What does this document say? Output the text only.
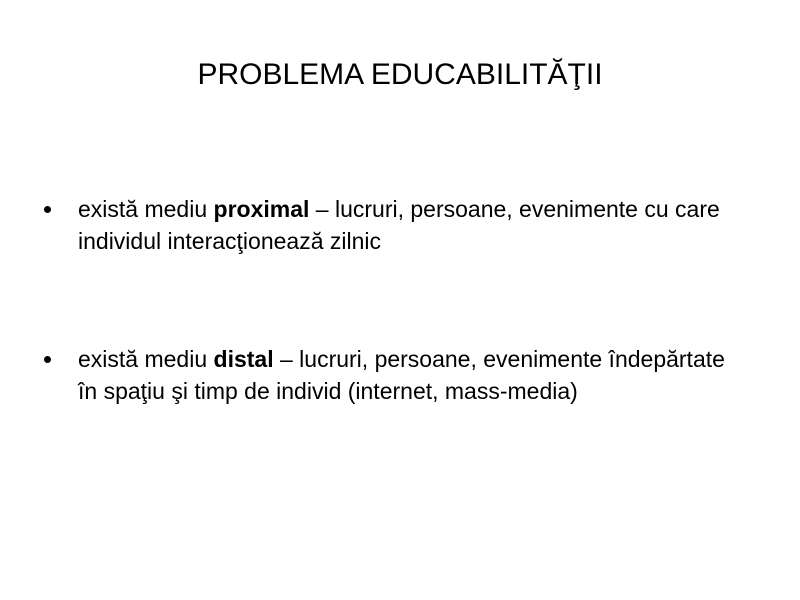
PROBLEMA EDUCABILITĂŢII
există mediu proximal – lucruri, persoane, evenimente cu care individul interacţionează zilnic
există mediu distal – lucruri, persoane, evenimente îndepărtate în spaţiu şi timp de individ (internet, mass-media)
